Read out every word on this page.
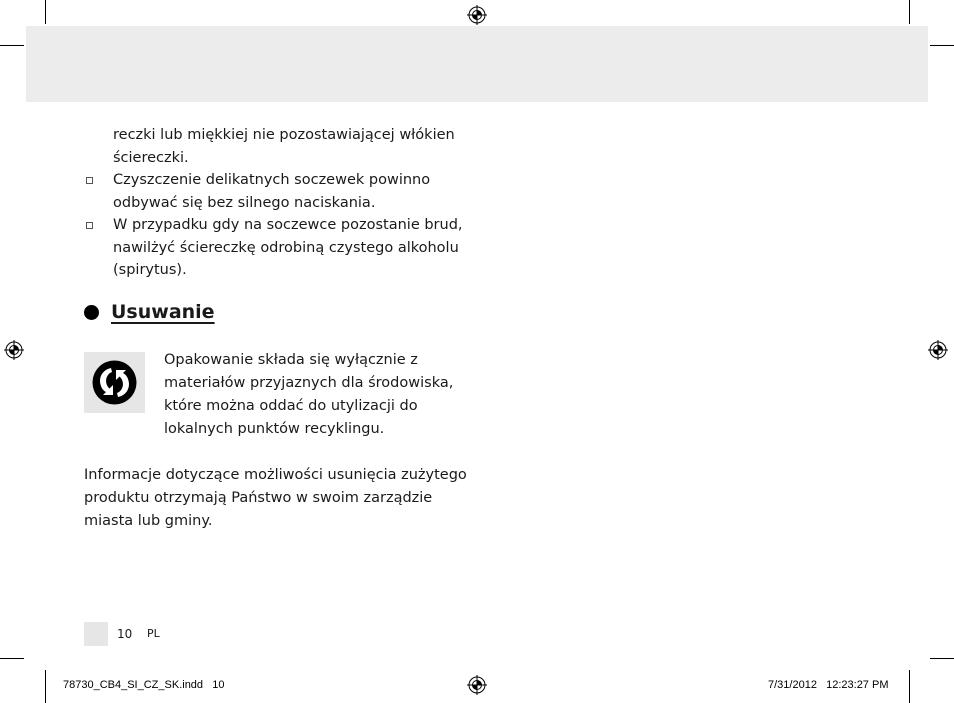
reczki lub miękkiej nie pozostawiającej włókien ściereczki.
Czyszczenie delikatnych soczewek powinno odbywać się bez silnego naciskania.
W przypadku gdy na soczewce pozostanie brud, nawilżyć ściereczkę odrobiną czystego alkoholu (spirytus).
Usuwanie
Opakowanie składa się wyłącznie z materiałów przyjaznych dla środowiska, które można oddać do utylizacji do lokalnych punktów recyklingu.
Informacje dotyczące możliwości usunięcia zużytego produktu otrzymają Państwo w swoim zarządzie miasta lub gminy.
10 PL
78730_CB4_SI_CZ_SK.indd   10	7/31/2012   12:23:27 PM
